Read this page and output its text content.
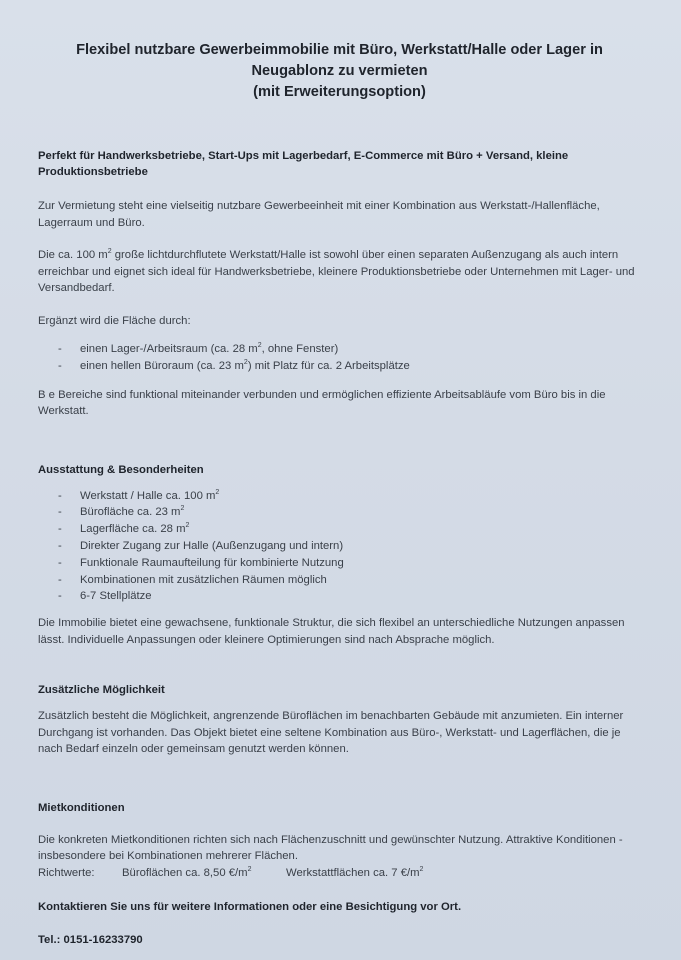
Flexibel nutzbare Gewerbeimmobilie mit Büro, Werkstatt/Halle oder Lager in
Neugablonz zu vermieten
(mit Erweiterungsoption)

Perfekt für Handwerksbetriebe, Start-Ups mit Lagerbedarf, E-Commerce mit Büro + Versand, kleine Produktionsbetriebe

Zur Vermietung steht eine vielseitig nutzbare Gewerbeeinheit mit einer Kombination aus Werkstatt-/Hallenfläche, Lagerraum und Büro.

Die ca. 100 $m^2$ große lichtdurchflutete Werkstatt/Halle ist sowohl über einen separaten Außenzugang als auch intern erreichbar und eignet sich ideal für Handwerksbetriebe, kleinere Produktionsbetriebe oder Unternehmen mit Lager- und Versandbedarf.

Ergänzt wird die Fläche durch:

- einen Lager-/Arbeitsraum (ca. 28 $m^2$, ohne Fenster)
- einen hellen Büroraum (ca. 23 $m^2$) mit Platz für ca. 2 Arbeitsplätze

B e Bereiche sind funktional miteinander verbunden und ermöglichen effiziente Arbeitsabläufe vom Büro bis in die Werkstatt.

Ausstattung & Besonderheiten
- Werkstatt / Halle ca. 100 $m^2$
- Bürofläche ca. 23 $m^2$
- Lagerfläche ca. 28 $m^2$
- Direkter Zugang zur Halle (Außenzugang und intern)
- Funktionale Raumaufteilung für kombinierte Nutzung
- Kombinationen mit zusätzlichen Räumen möglich
- 6-7 Stellplätze

Die Immobilie bietet eine gewachsene, funktionale Struktur, die sich flexibel an unterschiedliche Nutzungen anpassen lässt. Individuelle Anpassungen oder kleinere Optimierungen sind nach Absprache möglich.

Zusätzliche Möglichkeit

Zusätzlich besteht die Möglichkeit, angrenzende Büroflächen im benachbarten Gebäude mit anzumieten. Ein interner Durchgang ist vorhanden. Das Objekt bietet eine seltene Kombination aus Büro-, Werkstatt- und Lagerflächen, die je nach Bedarf einzeln oder gemeinsam genutzt werden können.

Mietkonditionen

Die konkreten Mietkonditionen richten sich nach Flächenzuschnitt und gewünschter Nutzung. Attraktive Konditionen - insbesondere bei Kombinationen mehrerer Flächen.

Richtwerte:	Büroflächen ca. 8,50 $€/m^2$	Werkstattflächen ca. 7 $€/m^2$

Kontaktieren Sie uns für weitere Informationen oder eine Besichtigung vor Ort.

Tel.: 0151-16233790
